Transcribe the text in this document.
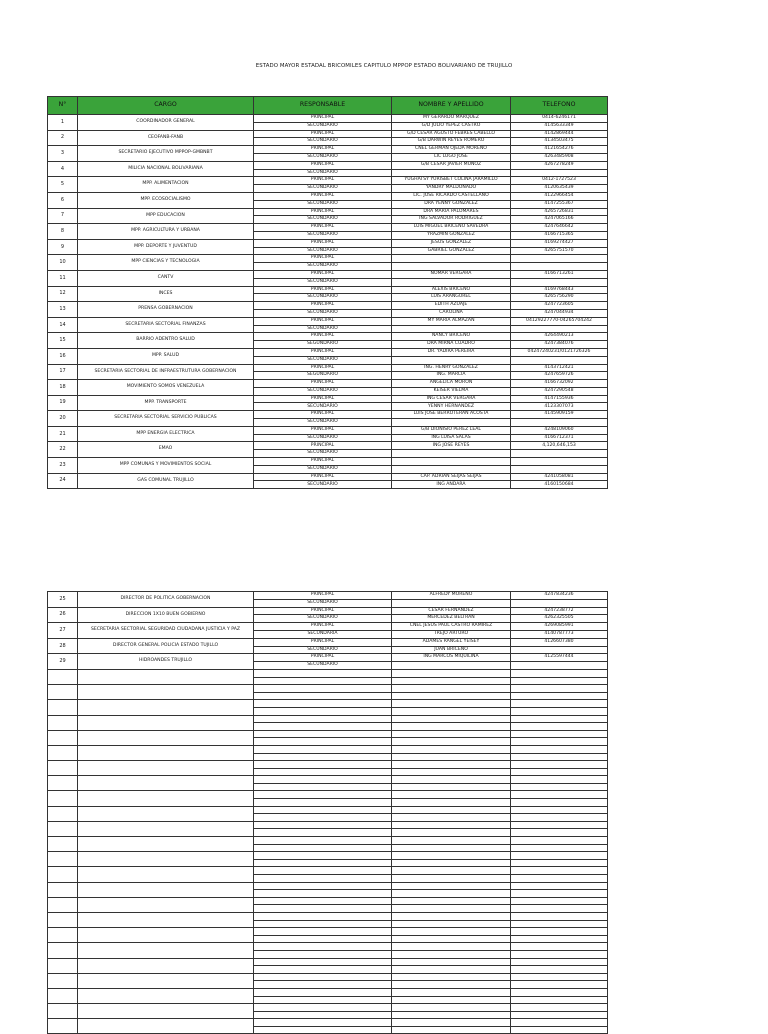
ESTADO MAYOR ESTADAL BRICOMILES CAPITULO MPPOP ESTADO BOLIVARIANO DE TRUJILLO
N°	CARGO	RESPONSABLE	NOMBRE Y APELLIDO	TELEFONO
1	COORDINADOR GENERAL	PRINCIPAL	MY GERARDO MARQUEZ	0414-6246171
		SECUNDARIO	G/D JULIO YEPEZ CASTRO	4145633349
2	CEOFANB-FANB	PRINCIPAL	G/D CESAR AGUSTO FEBRES CABELLO	4142869444
		SECUNDARIO	G/B DARWIN REYES ROMERO	4134503475
3	SECRETARIO EJECUTIVO MPPOP-GMBNBT	PRINCIPAL	CNEL GERMAN OJEDA MORENO	4121654276
		SECUNDARIO	LIC LUGO JOSE	4263485908
4	MILICIA NACIONAL BOLIVARIANA	PRINCIPAL	G/B CESAR JAVIER MUÑOZ	4267278249
		SECUNDARIO		
5	MPP. ALIMENTACION	PRINCIPAL	YUGHATSY YURISBET COLINA JARAMILLO	0412-1727523
		SECUNDARIO	YANDRY MALDONADO	4120635439
6	MPP. ECOSOCIALISMO	PRINCIPAL	LIC. JOSE RICARDO CASTELLANO	4122966454
		SECUNDARIO	DRA YENNY GONZALEZ	4147255367
7	MPP EDUCACION	PRINCIPAL	DRA MARIA PALOMARES	4265726831
		SECUNDARIO	ING SALVADOR RODRIGUEZ	4247065166
8	MPP. AGRICULTURA Y URBANA	PRINCIPAL	LUIS MIGUEL BRICEÑO SAVEDRA	4247646642
		SECUNDARIO	YRAZMIN GONZALEZ	4166715365
9	MPP. DEPORTE Y JUVENTUD	PRINCIPAL	JESUS GONZALEZ	4169274427
		SECUNDARIO	GABRIEL GONZALEZ	4265751570
10	MPP CIENCIAS Y TECNOLOGIA	PRINCIPAL		
		SECUNDARIO		
11	CANTV	PRINCIPAL	NOMAR VERGARA	4166713261
		SECUNDARIO		
12	INCES	PRINCIPAL	ALEXIS BRICEÑO	4169768443
		SECUNDARIO	LUIS ARANGUREL	4265756290
13	PRENSA GOBERNACION	PRINCIPAL	EDITH AZUAJE	4247723605
		SECUNDARIO	CAROLINA	4247044934
14	SECRETARIA SECTORIAL FINANZAS	PRINCIPAL	MY MARIA ALMAZAN	04129227770-04265704242
		SECUNDARIO		
15	BARRIO ADENTRO SALUD	PRINCIPAL	NANCY BRICEÑO	4264490213
		SEGUNDARIO	DRA MIRNA CUADRO	4247384076
16	MPP. SALUD	PRINCIPAL	DR. YADIRA PEREIRA	04247240231/0121726326
		SECUNDARIO		
17	SECRETARIA SECTORIAL DE INFRAESTRUTURA GOBERNACION	PRINCIPAL	ING. HENRY GONZALEZ	4143712421
		SEGUNDARIO	ING. MARCIA	4247659726
18	MOVIMIENTO SOMOS VENEZUELA	PRINCIPAL	ANGELICA MORON	4166732092
		SECUNDARIO	KEISER VIELMA	4247290548
19	MPP. TRANSPORTE	PRINCIPAL	ING CESAR VERGARA	4147155936
		SECUNDARIO	YENNY HERNANDEZ	4123307073
20	SECRETARIA SECTORIAL SERVICIO PUBLICAS	PRINCIPAL	LUIS JOSE BERROTERAN ACOSTA	4145909159
		SECUNDARIO		
21	MPP ENERGIA ELECTRICA	PRINCIPAL	G/B DIONISIO PEREZ LEAL	4248109060
		SECUNDARIO	ING LUISA SALAS	4166712371
22	EMAO	PRINCIPAL	ING JOSE REYES	4,120,646,153
		SECUNDARIO		
23	MPP COMUNAS Y MOVIMIENTOS SOCIAL	PRINCIPAL		
		SECUNDARIO		
24	GAS COMUNAL TRUJILLO	PRINCIPAL	CAP. ADRIAN SEIJAS SEIJAS	4241058081
		SECUNDARIO	ING ANDARA	4160150684
25	DIRECTOR DE POLITICA GOBERNACION	PRINCIPAL	ALFREDY MORENO	4247834236
		SECUNDARIO		
26	DIRECCION 1X10 BUEN GOBIERNO	PRINCIPAL	CESAR FERNANDEZ	4247238772
		SECUNDARIO	MERCEDEZ BELTRAN	4262325505
27	SECRETARIA SECTORIAL SEGURIDAD CIUDADANA JUSTICIA Y PAZ	PRINCIPAL	CNEL JESUS PAUL CASTRO RAMIREZ	4269085991
		SECUNDARIA	TREJO ARTURO	4140787773
28	DIRECTOR GENERAL POLICIA ESTADO TUJILLO	PRINCIPAL	ADAMES RANGEL YEISEY	4126607380
		SECUNDARIO	JUAN BRICEÑO	
29	HIDROANDES TRUJILLO	PRINCIPAL	ING MARCOS MIQUILINA	4125597444
		SECUNDARIO		
